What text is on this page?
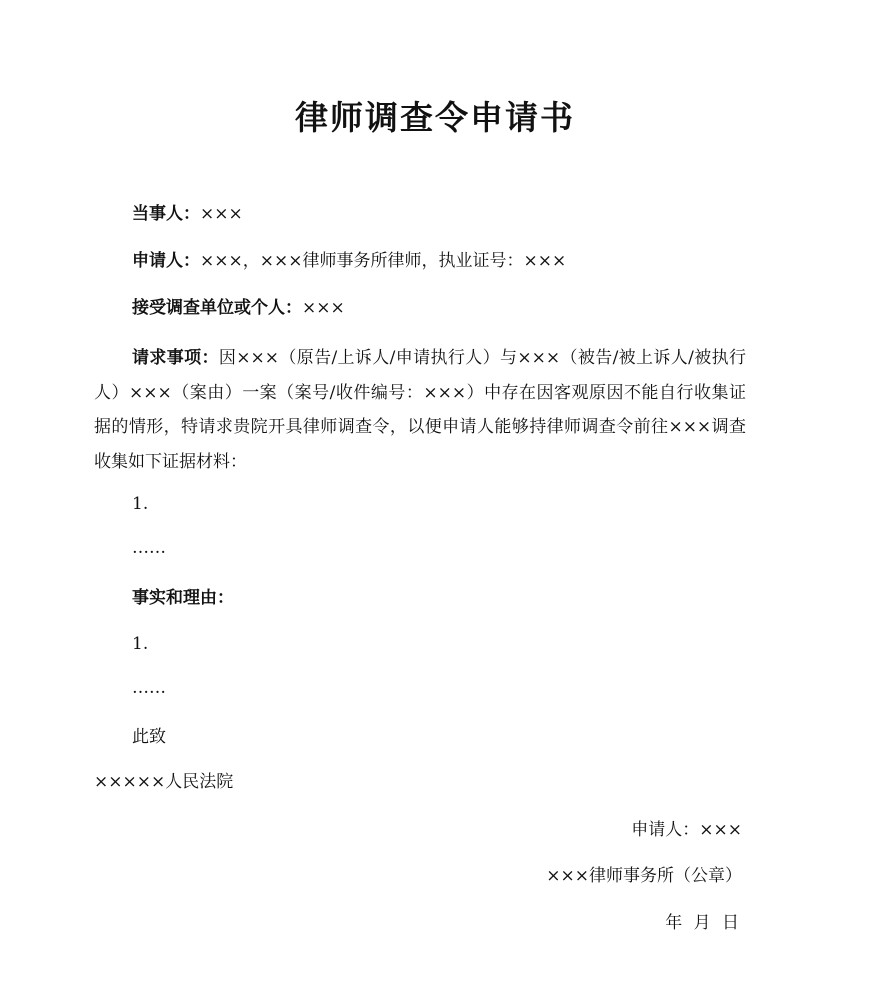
律师调查令申请书
当事人：×××
申请人：×××，×××律师事务所律师，执业证号：×××
接受调查单位或个人：×××
请求事项：因×××（原告/上诉人/申请执行人）与×××（被告/被上诉人/被执行人）×××（案由）一案（案号/收件编号：×××）中存在因客观原因不能自行收集证据的情形，特请求贵院开具律师调查令，以便申请人能够持律师调查令前往×××调查收集如下证据材料：
1.
……
事实和理由：
1.
……
此致
×××××人民法院
申请人：×××
×××律师事务所（公章）
年 月 日
